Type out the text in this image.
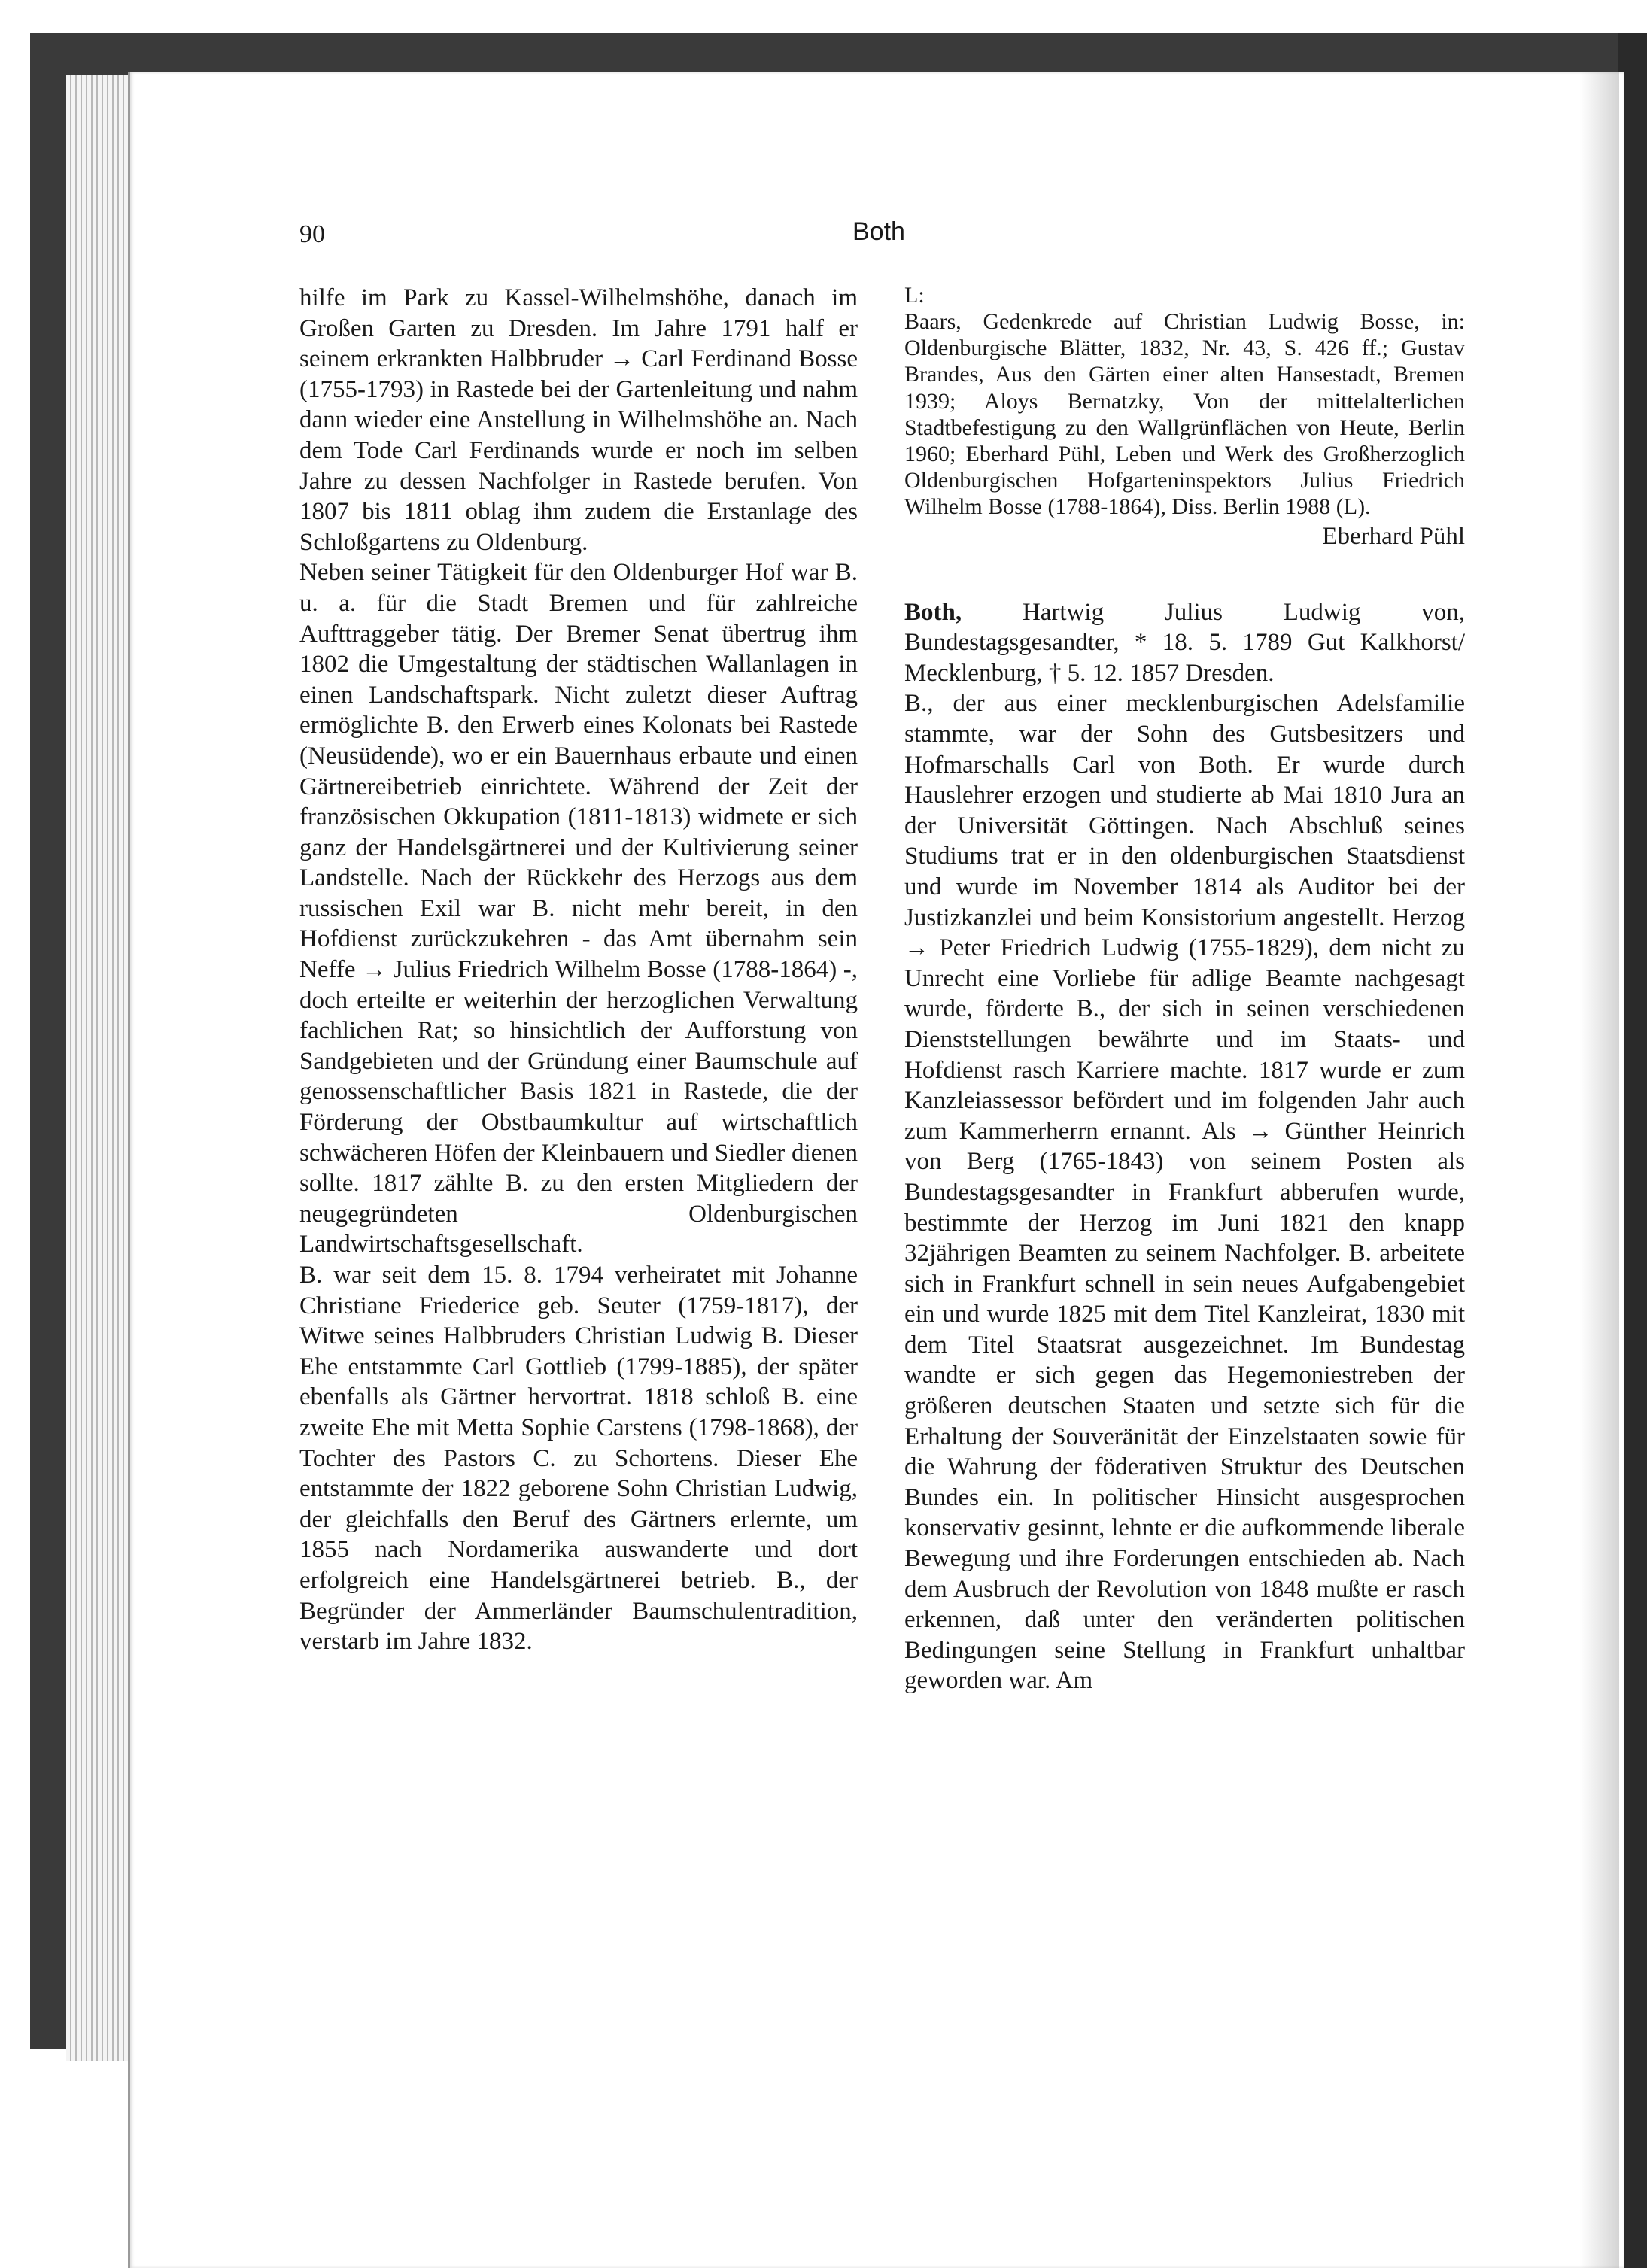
90	Both

hilfe im Park zu Kassel-Wilhelmshöhe, danach im Großen Garten zu Dresden. Im Jahre 1791 half er seinem erkrankten Halbbruder → Carl Ferdinand Bosse (1755-1793) in Rastede bei der Gartenleitung und nahm dann wieder eine Anstellung in Wilhelmshöhe an. Nach dem Tode Carl Ferdinands wurde er noch im selben Jahre zu dessen Nachfolger in Rastede berufen. Von 1807 bis 1811 oblag ihm zudem die Erstanlage des Schloßgartens zu Oldenburg.

Neben seiner Tätigkeit für den Oldenburger Hof war B. u. a. für die Stadt Bremen und für zahlreiche Aufttraggeber tätig. Der Bremer Senat übertrug ihm 1802 die Umgestaltung der städtischen Wallanlagen in einen Landschaftspark. Nicht zuletzt dieser Auftrag ermöglichte B. den Erwerb eines Kolonats bei Rastede (Neusüdende), wo er ein Bauernhaus erbaute und einen Gärtnereibetrieb einrichtete. Während der Zeit der französischen Okkupation (1811-1813) widmete er sich ganz der Handelsgärtnerei und der Kultivierung seiner Landstelle. Nach der Rückkehr des Herzogs aus dem russischen Exil war B. nicht mehr bereit, in den Hofdienst zurückzukehren - das Amt übernahm sein Neffe → Julius Friedrich Wilhelm Bosse (1788-1864) -, doch erteilte er weiterhin der herzoglichen Verwaltung fachlichen Rat; so hinsichtlich der Aufforstung von Sandgebieten und der Gründung einer Baumschule auf genossenschaftlicher Basis 1821 in Rastede, die der Förderung der Obstbaumkultur auf wirtschaftlich schwächeren Höfen der Kleinbauern und Siedler dienen sollte. 1817 zählte B. zu den ersten Mitgliedern der neugegründeten Oldenburgischen Landwirtschaftsgesellschaft.

B. war seit dem 15. 8. 1794 verheiratet mit Johanne Christiane Friederice geb. Seuter (1759-1817), der Witwe seines Halbbruders Christian Ludwig B. Dieser Ehe entstammte Carl Gottlieb (1799-1885), der später ebenfalls als Gärtner hervortrat. 1818 schloß B. eine zweite Ehe mit Metta Sophie Carstens (1798-1868), der Tochter des Pastors C. zu Schortens. Dieser Ehe entstammte der 1822 geborene Sohn Christian Ludwig, der gleichfalls den Beruf des Gärtners erlernte, um 1855 nach Nordamerika auswanderte und dort erfolgreich eine Handelsgärtnerei betrieb. B., der Begründer der Ammerländer Baumschulentradition, verstarb im Jahre 1832.

L:

Baars, Gedenkrede auf Christian Ludwig Bosse, in: Oldenburgische Blätter, 1832, Nr. 43, S. 426 ff.; Gustav Brandes, Aus den Gärten einer alten Hansestadt, Bremen 1939; Aloys Bernatzky, Von der mittelalterlichen Stadtbefestigung zu den Wallgrünflächen von Heute, Berlin 1960; Eberhard Pühl, Leben und Werk des Großherzoglich Oldenburgischen Hofgarteninspektors Julius Friedrich Wilhelm Bosse (1788-1864), Diss. Berlin 1988 (L).

Eberhard Pühl

Both, Hartwig Julius Ludwig von, Bundestagsgesandter, * 18. 5. 1789 Gut Kalkhorst/ Mecklenburg, † 5. 12. 1857 Dresden.

B., der aus einer mecklenburgischen Adelsfamilie stammte, war der Sohn des Gutsbesitzers und Hofmarschalls Carl von Both. Er wurde durch Hauslehrer erzogen und studierte ab Mai 1810 Jura an der Universität Göttingen. Nach Abschluß seines Studiums trat er in den oldenburgischen Staatsdienst und wurde im November 1814 als Auditor bei der Justizkanzlei und beim Konsistorium angestellt. Herzog → Peter Friedrich Ludwig (1755-1829), dem nicht zu Unrecht eine Vorliebe für adlige Beamte nachgesagt wurde, förderte B., der sich in seinen verschiedenen Dienststellungen bewährte und im Staats- und Hofdienst rasch Karriere machte. 1817 wurde er zum Kanzleiassessor befördert und im folgenden Jahr auch zum Kammerherrn ernannt. Als → Günther Heinrich von Berg (1765-1843) von seinem Posten als Bundestagsgesandter in Frankfurt abberufen wurde, bestimmte der Herzog im Juni 1821 den knapp 32jährigen Beamten zu seinem Nachfolger. B. arbeitete sich in Frankfurt schnell in sein neues Aufgabengebiet ein und wurde 1825 mit dem Titel Kanzleirat, 1830 mit dem Titel Staatsrat ausgezeichnet. Im Bundestag wandte er sich gegen das Hegemoniestreben der größeren deutschen Staaten und setzte sich für die Erhaltung der Souveränität der Einzelstaaten sowie für die Wahrung der föderativen Struktur des Deutschen Bundes ein. In politischer Hinsicht ausgesprochen konservativ gesinnt, lehnte er die aufkommende liberale Bewegung und ihre Forderungen entschieden ab. Nach dem Ausbruch der Revolution von 1848 mußte er rasch erkennen, daß unter den veränderten politischen Bedingungen seine Stellung in Frankfurt unhaltbar geworden war. Am
